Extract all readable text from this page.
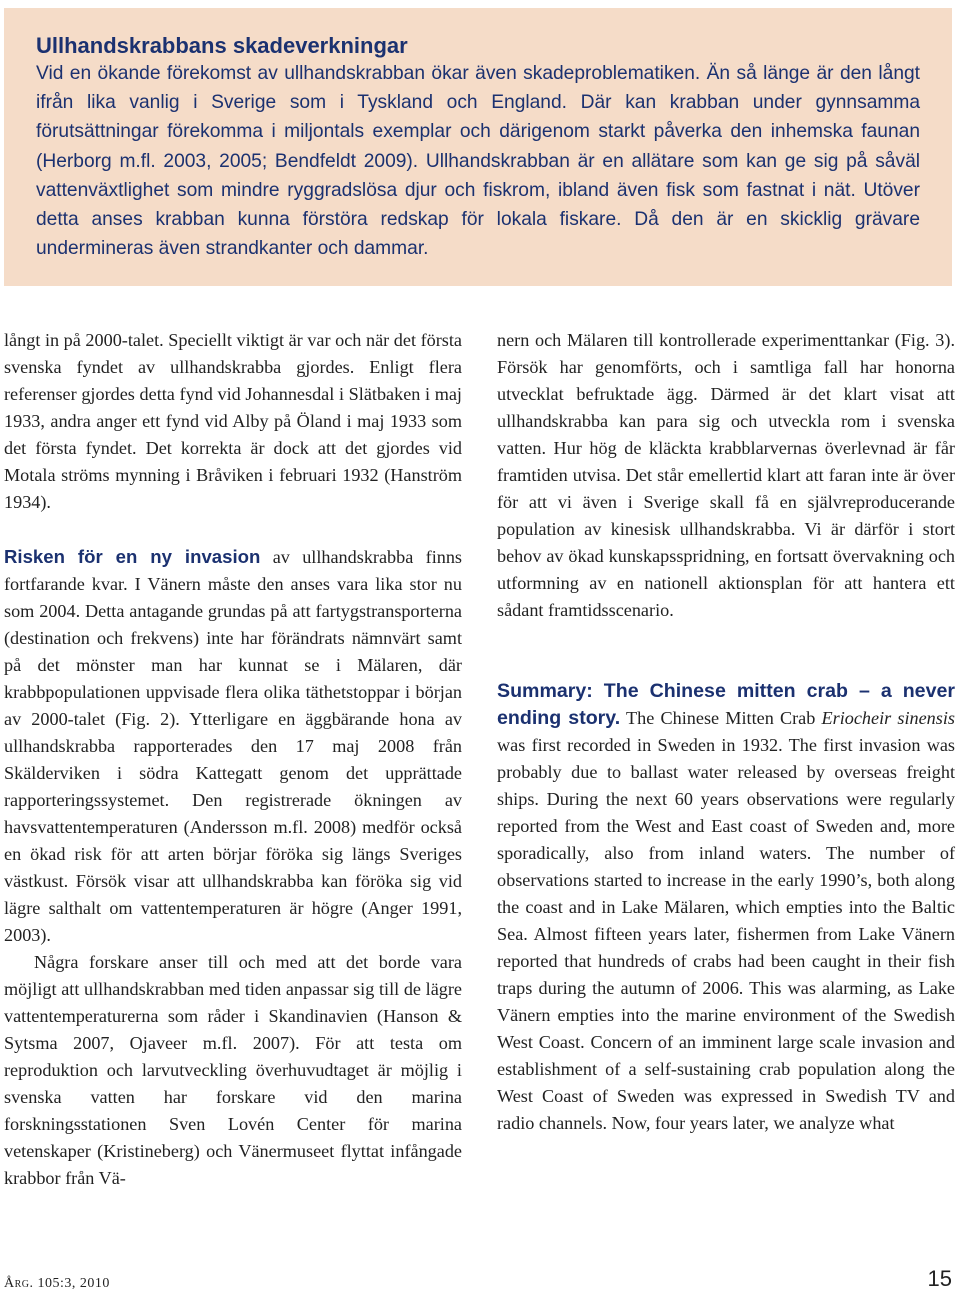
Ullhandskrabbans skadeverkningar

Vid en ökande förekomst av ullhandskrabban ökar även skadeproblematiken. Än så länge är den långt ifrån lika vanlig i Sverige som i Tyskland och England. Där kan krabban under gynnsamma förutsättningar förekomma i miljontals exemplar och därigenom starkt påverka den inhemska faunan (Herborg m.fl. 2003, 2005; Bendfeldt 2009). Ullhandskrabban är en allätare som kan ge sig på såväl vattenväxtlighet som mindre ryggradslösa djur och fiskrom, ibland även fisk som fastnat i nät. Utöver detta anses krabban kunna förstöra redskap för lokala fiskare. Då den är en skicklig grävare undermineras även strandkanter och dammar.

långt in på 2000-talet. Speciellt viktigt är var och när det första svenska fyndet av ullhandskrabba gjordes. Enligt flera referenser gjordes detta fynd vid Johannesdal i Slätbaken i maj 1933, andra anger ett fynd vid Alby på Öland i maj 1933 som det första fyndet. Det korrekta är dock att det gjordes vid Motala ströms mynning i Bråviken i februari 1932 (Hanström 1934).

Risken för en ny invasion av ullhandskrabba finns fortfarande kvar. I Vänern måste den anses vara lika stor nu som 2004. Detta antagande grundas på att fartygstransporterna (destination och frekvens) inte har förändrats nämnvärt samt på det mönster man har kunnat se i Mälaren, där krabbpopulationen uppvisade flera olika täthetstoppar i början av 2000-talet (Fig. 2). Ytterligare en äggbärande hona av ullhandskrabba rapporterades den 17 maj 2008 från Skälderviken i södra Kattegatt genom det upprättade rapporteringssystemet. Den registrerade ökningen av havsvattentemperaturen (Andersson m.fl. 2008) medför också en ökad risk för att arten börjar föröka sig längs Sveriges västkust. Försök visar att ullhandskrabba kan föröka sig vid lägre salthalt om vattentemperaturen är högre (Anger 1991, 2003).

Några forskare anser till och med att det borde vara möjligt att ullhandskrabban med tiden anpassar sig till de lägre vattentemperaturerna som råder i Skandinavien (Hanson & Sytsma 2007, Ojaveer m.fl. 2007). För att testa om reproduktion och larvutveckling överhuvudtaget är möjlig i svenska vatten har forskare vid den marina forskningsstationen Sven Lovén Center för marina vetenskaper (Kristineberg) och Vänermuseet flyttat infångade krabbor från Vä-

nern och Mälaren till kontrollerade experimenttankar (Fig. 3). Försök har genomförts, och i samtliga fall har honorna utvecklat befruktade ägg. Därmed är det klart visat att ullhandskrabba kan para sig och utveckla rom i svenska vatten. Hur hög de kläckta krabblarvernas överlevnad är får framtiden utvisa. Det står emellertid klart att faran inte är över för att vi även i Sverige skall få en självreproducerande population av kinesisk ullhandskrabba. Vi är därför i stort behov av ökad kunskapsspridning, en fortsatt övervakning och utformning av en nationell aktionsplan för att hantera ett sådant framtidsscenario.

Summary: The Chinese mitten crab – a never ending story. The Chinese Mitten Crab Eriocheir sinensis was first recorded in Sweden in 1932. The first invasion was probably due to ballast water released by overseas freight ships. During the next 60 years observations were regularly reported from the West and East coast of Sweden and, more sporadically, also from inland waters. The number of observations started to increase in the early 1990’s, both along the coast and in Lake Mälaren, which empties into the Baltic Sea. Almost fifteen years later, fishermen from Lake Vänern reported that hundreds of crabs had been caught in their fish traps during the autumn of 2006. This was alarming, as Lake Vänern empties into the marine environment of the Swedish West Coast. Concern of an imminent large scale invasion and establishment of a self-sustaining crab population along the West Coast of Sweden was expressed in Swedish TV and radio channels. Now, four years later, we analyze what

Årg. 105:3, 2010	15
